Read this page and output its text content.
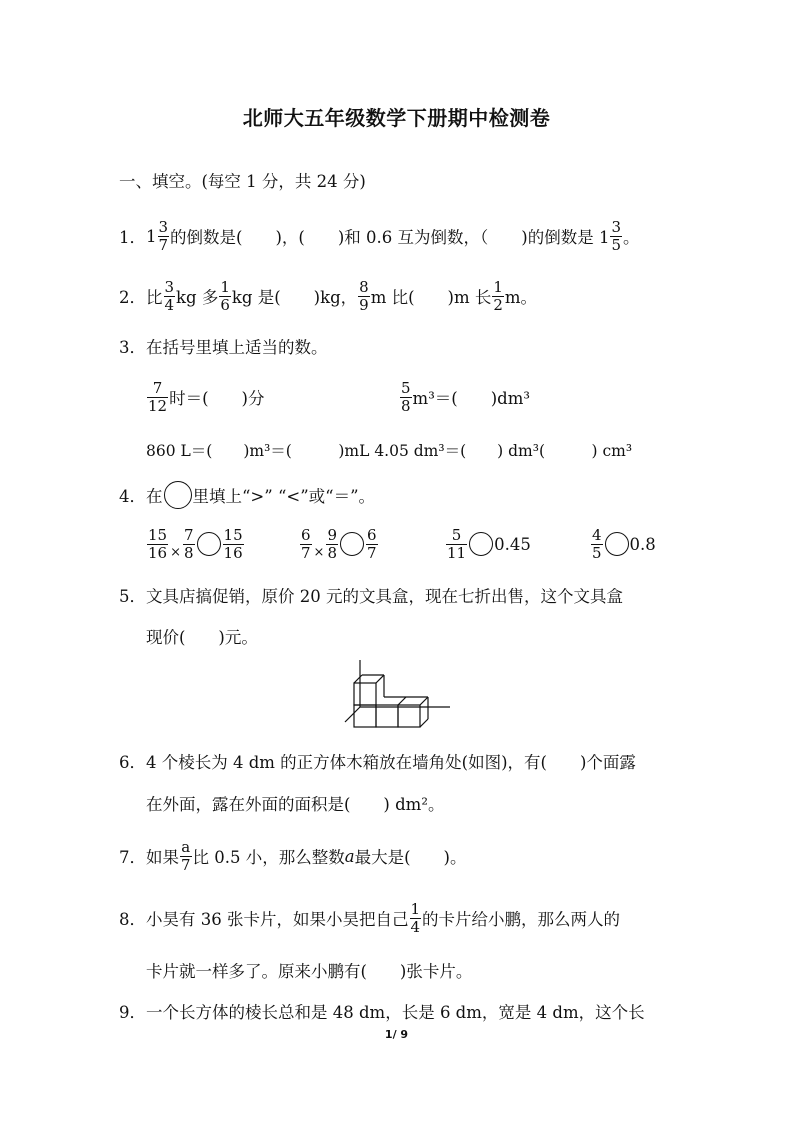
北师大五年级数学下册期中检测卷
一、填空。(每空 1 分，共 24 分)
1． $1 \frac{3}{7}$ 的倒数是(　　)，(　　)和 0.6 互为倒数，（　　)的倒数是 $1 \frac{3}{5}$ 。
2． 比 $\frac{3}{4}$ kg 多 $\frac{1}{6}$ kg 是(　　)kg， $\frac{8}{9}$ m 比(　　)m 长 $\frac{1}{2}$ m。
3． 在括号里填上适当的数。
$\frac{7}{12}$ 时＝(　　)分	$\frac{5}{8} m^3=$(　　)dm³
860 L＝(　　)m³＝(　　　)mL 4.05 dm³＝(　　) dm³(　　　) cm³
4． 在 里填上“>” “<”或“＝”。
$\frac{15}{16} \times \frac{7}{8} \frac{15}{16}$	$\frac{6}{7} \times \frac{9}{8} \frac{6}{7}$	$\frac{5}{11} 0.45$	$\frac{4}{5} 0.8$
5． 文具店搞促销，原价 20 元的文具盒，现在七折出售，这个文具盒
现价(　　)元。
6． 4 个棱长为 4 dm 的正方体木箱放在墙角处(如图)，有(　　)个面露
在外面，露在外面的面积是(　　) dm²。
7． 如果 $\frac{a}{7}$ 比 0.5 小，那么整数 a 最大是(　　)。
8． 小昊有 36 张卡片，如果小昊把自己 $\frac{1}{4}$ 的卡片给小鹏，那么两人的
卡片就一样多了。原来小鹏有(　　)张卡片。
9． 一个长方体的棱长总和是 48 dm，长是 6 dm，宽是 4 dm，这个长
1/ 9
